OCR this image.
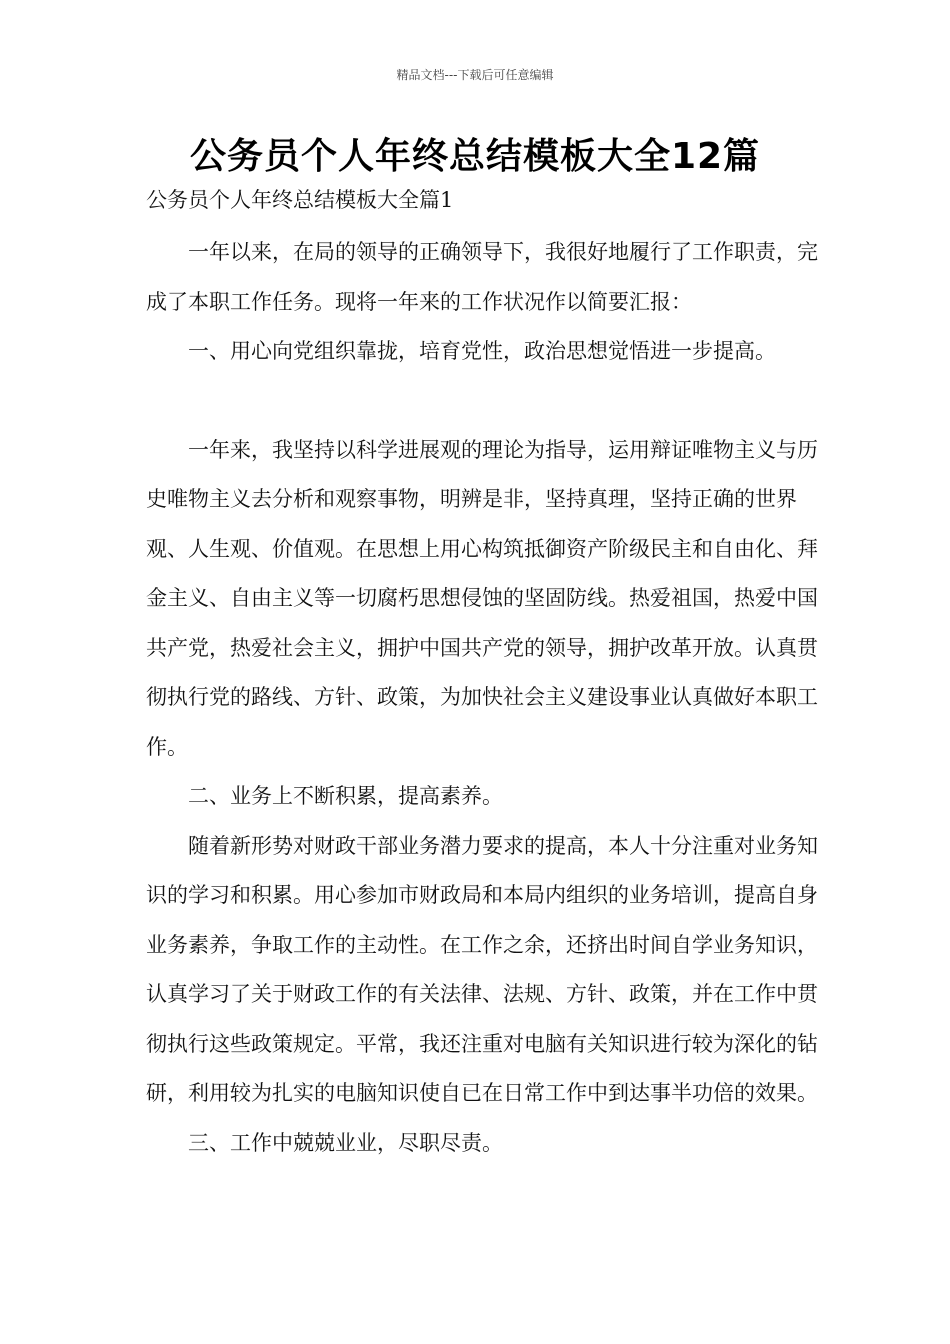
精品文档---下载后可任意编辑
公务员个人年终总结模板大全12篇
公务员个人年终总结模板大全篇1

一年以来，在局的领导的正确领导下，我很好地履行了工作职责，完成了本职工作任务。现将一年来的工作状况作以简要汇报：

一、用心向党组织靠拢，培育党性，政治思想觉悟进一步提高。

一年来，我坚持以科学进展观的理论为指导，运用辩证唯物主义与历史唯物主义去分析和观察事物，明辨是非，坚持真理，坚持正确的世界观、人生观、价值观。在思想上用心构筑抵御资产阶级民主和自由化、拜金主义、自由主义等一切腐朽思想侵蚀的坚固防线。热爱祖国，热爱中国共产党，热爱社会主义，拥护中国共产党的领导，拥护改革开放。认真贯彻执行党的路线、方针、政策，为加快社会主义建设事业认真做好本职工作。

二、业务上不断积累，提高素养。

随着新形势对财政干部业务潜力要求的提高，本人十分注重对业务知识的学习和积累。用心参加市财政局和本局内组织的业务培训，提高自身业务素养，争取工作的主动性。在工作之余，还挤出时间自学业务知识，认真学习了关于财政工作的有关法律、法规、方针、政策，并在工作中贯彻执行这些政策规定。平常，我还注重对电脑有关知识进行较为深化的钻研，利用较为扎实的电脑知识使自已在日常工作中到达事半功倍的效果。

三、工作中兢兢业业，尽职尽责。
